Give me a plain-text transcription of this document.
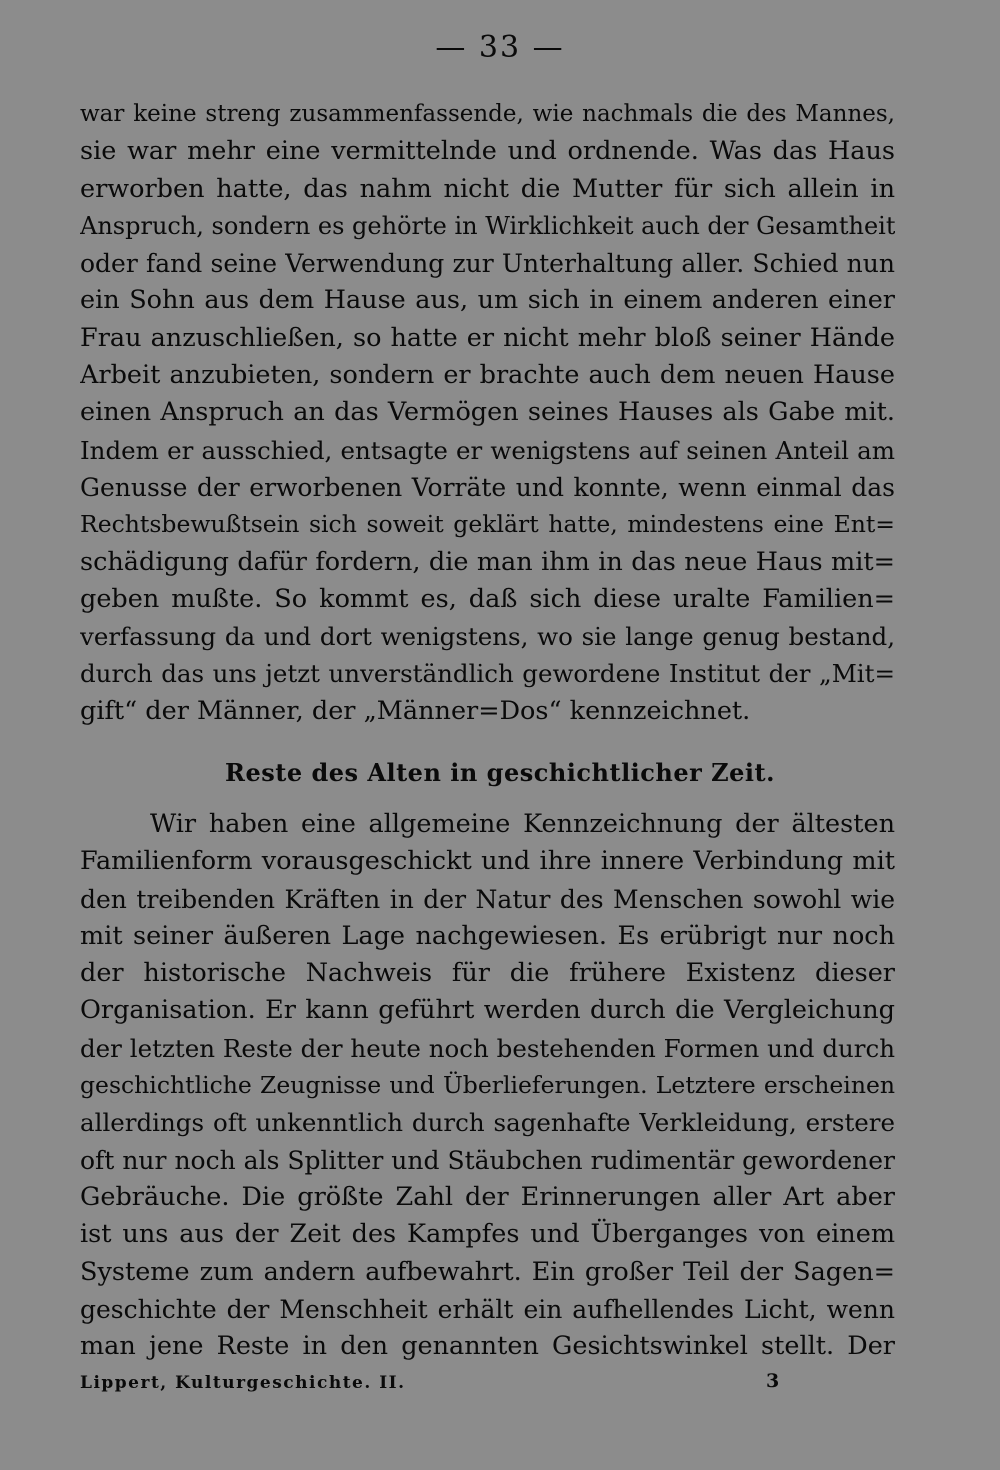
— 33 —
war keine streng zusammenfassende, wie nachmals die des Mannes,
sie war mehr eine vermittelnde und ordnende. Was das Haus
erworben hatte, das nahm nicht die Mutter für sich allein in
Anspruch, sondern es gehörte in Wirklichkeit auch der Gesamtheit
oder fand seine Verwendung zur Unterhaltung aller. Schied nun
ein Sohn aus dem Hause aus, um sich in einem anderen einer
Frau anzuschließen, so hatte er nicht mehr bloß seiner Hände
Arbeit anzubieten, sondern er brachte auch dem neuen Hause
einen Anspruch an das Vermögen seines Hauses als Gabe mit.
Indem er ausschied, entsagte er wenigstens auf seinen Anteil am
Genusse der erworbenen Vorräte und konnte, wenn einmal das
Rechtsbewußtsein sich soweit geklärt hatte, mindestens eine Ent=
schädigung dafür fordern, die man ihm in das neue Haus mit=
geben mußte. So kommt es, daß sich diese uralte Familien=
verfassung da und dort wenigstens, wo sie lange genug bestand,
durch das uns jetzt unverständlich gewordene Institut der „Mit=
gift“ der Männer, der „Männer=Dos“ kennzeichnet.
Reste des Alten in geschichtlicher Zeit.
Wir haben eine allgemeine Kennzeichnung der ältesten
Familienform vorausgeschickt und ihre innere Verbindung mit
den treibenden Kräften in der Natur des Menschen sowohl wie
mit seiner äußeren Lage nachgewiesen. Es erübrigt nur noch
der historische Nachweis für die frühere Existenz dieser
Organisation. Er kann geführt werden durch die Vergleichung
der letzten Reste der heute noch bestehenden Formen und durch
geschichtliche Zeugnisse und Überlieferungen. Letztere erscheinen
allerdings oft unkenntlich durch sagenhafte Verkleidung, erstere
oft nur noch als Splitter und Stäubchen rudimentär gewordener
Gebräuche. Die größte Zahl der Erinnerungen aller Art aber
ist uns aus der Zeit des Kampfes und Überganges von einem
Systeme zum andern aufbewahrt. Ein großer Teil der Sagen=
geschichte der Menschheit erhält ein aufhellendes Licht, wenn
man jene Reste in den genannten Gesichtswinkel stellt. Der
Lippert, Kulturgeschichte. II.	3
